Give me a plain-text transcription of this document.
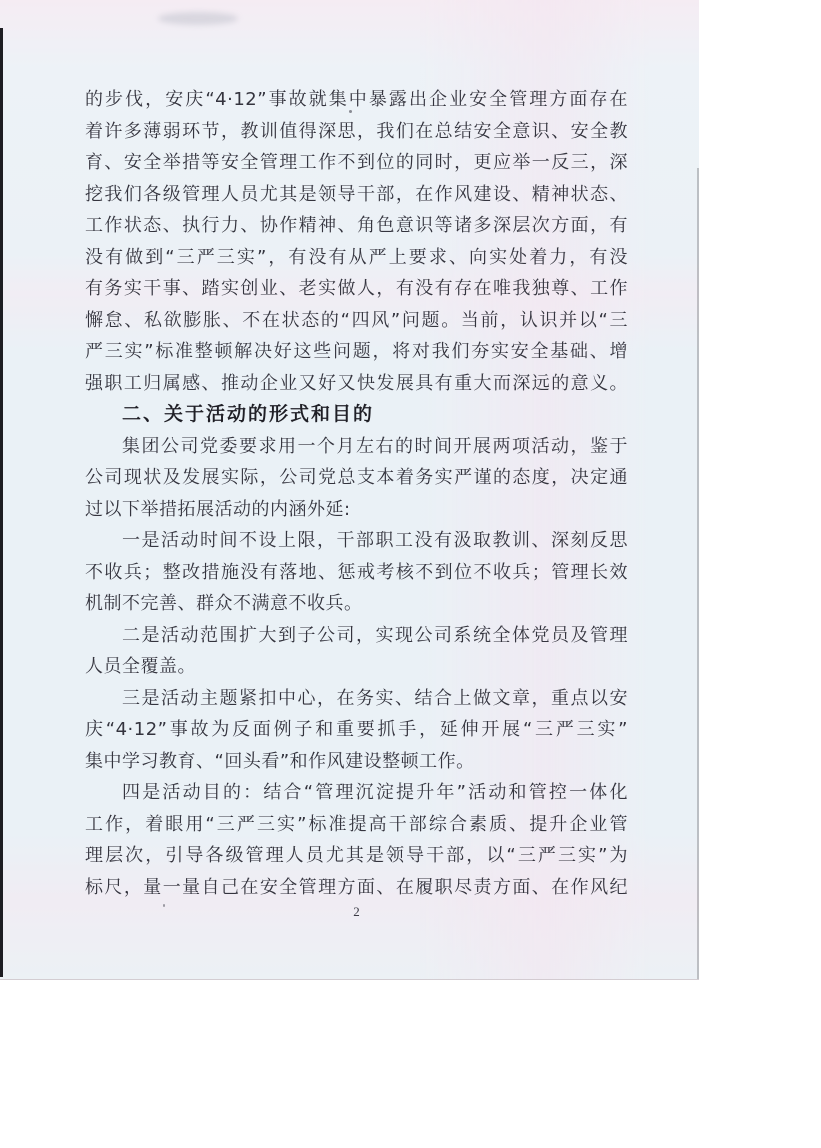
的步伐，安庆“4·12”事故就集中暴露出企业安全管理方面存在
着许多薄弱环节，教训值得深思，我们在总结安全意识、安全教
育、安全举措等安全管理工作不到位的同时，更应举一反三，深
挖我们各级管理人员尤其是领导干部，在作风建设、精神状态、
工作状态、执行力、协作精神、角色意识等诸多深层次方面，有
没有做到“三严三实”，有没有从严上要求、向实处着力，有没
有务实干事、踏实创业、老实做人，有没有存在唯我独尊、工作
懈怠、私欲膨胀、不在状态的“四风”问题。当前，认识并以“三
严三实”标准整顿解决好这些问题，将对我们夯实安全基础、增
强职工归属感、推动企业又好又快发展具有重大而深远的意义。
二、关于活动的形式和目的
集团公司党委要求用一个月左右的时间开展两项活动，鉴于
公司现状及发展实际，公司党总支本着务实严谨的态度，决定通
过以下举措拓展活动的内涵外延:
一是活动时间不设上限，干部职工没有汲取教训、深刻反思
不收兵；整改措施没有落地、惩戒考核不到位不收兵；管理长效
机制不完善、群众不满意不收兵。
二是活动范围扩大到子公司，实现公司系统全体党员及管理
人员全覆盖。
三是活动主题紧扣中心，在务实、结合上做文章，重点以安
庆“4·12”事故为反面例子和重要抓手，延伸开展“三严三实”
集中学习教育、“回头看”和作风建设整顿工作。
四是活动目的：结合“管理沉淀提升年”活动和管控一体化
工作，着眼用“三严三实”标准提高干部综合素质、提升企业管
理层次，引导各级管理人员尤其是领导干部，以“三严三实”为
标尺，量一量自己在安全管理方面、在履职尽责方面、在作风纪
2
